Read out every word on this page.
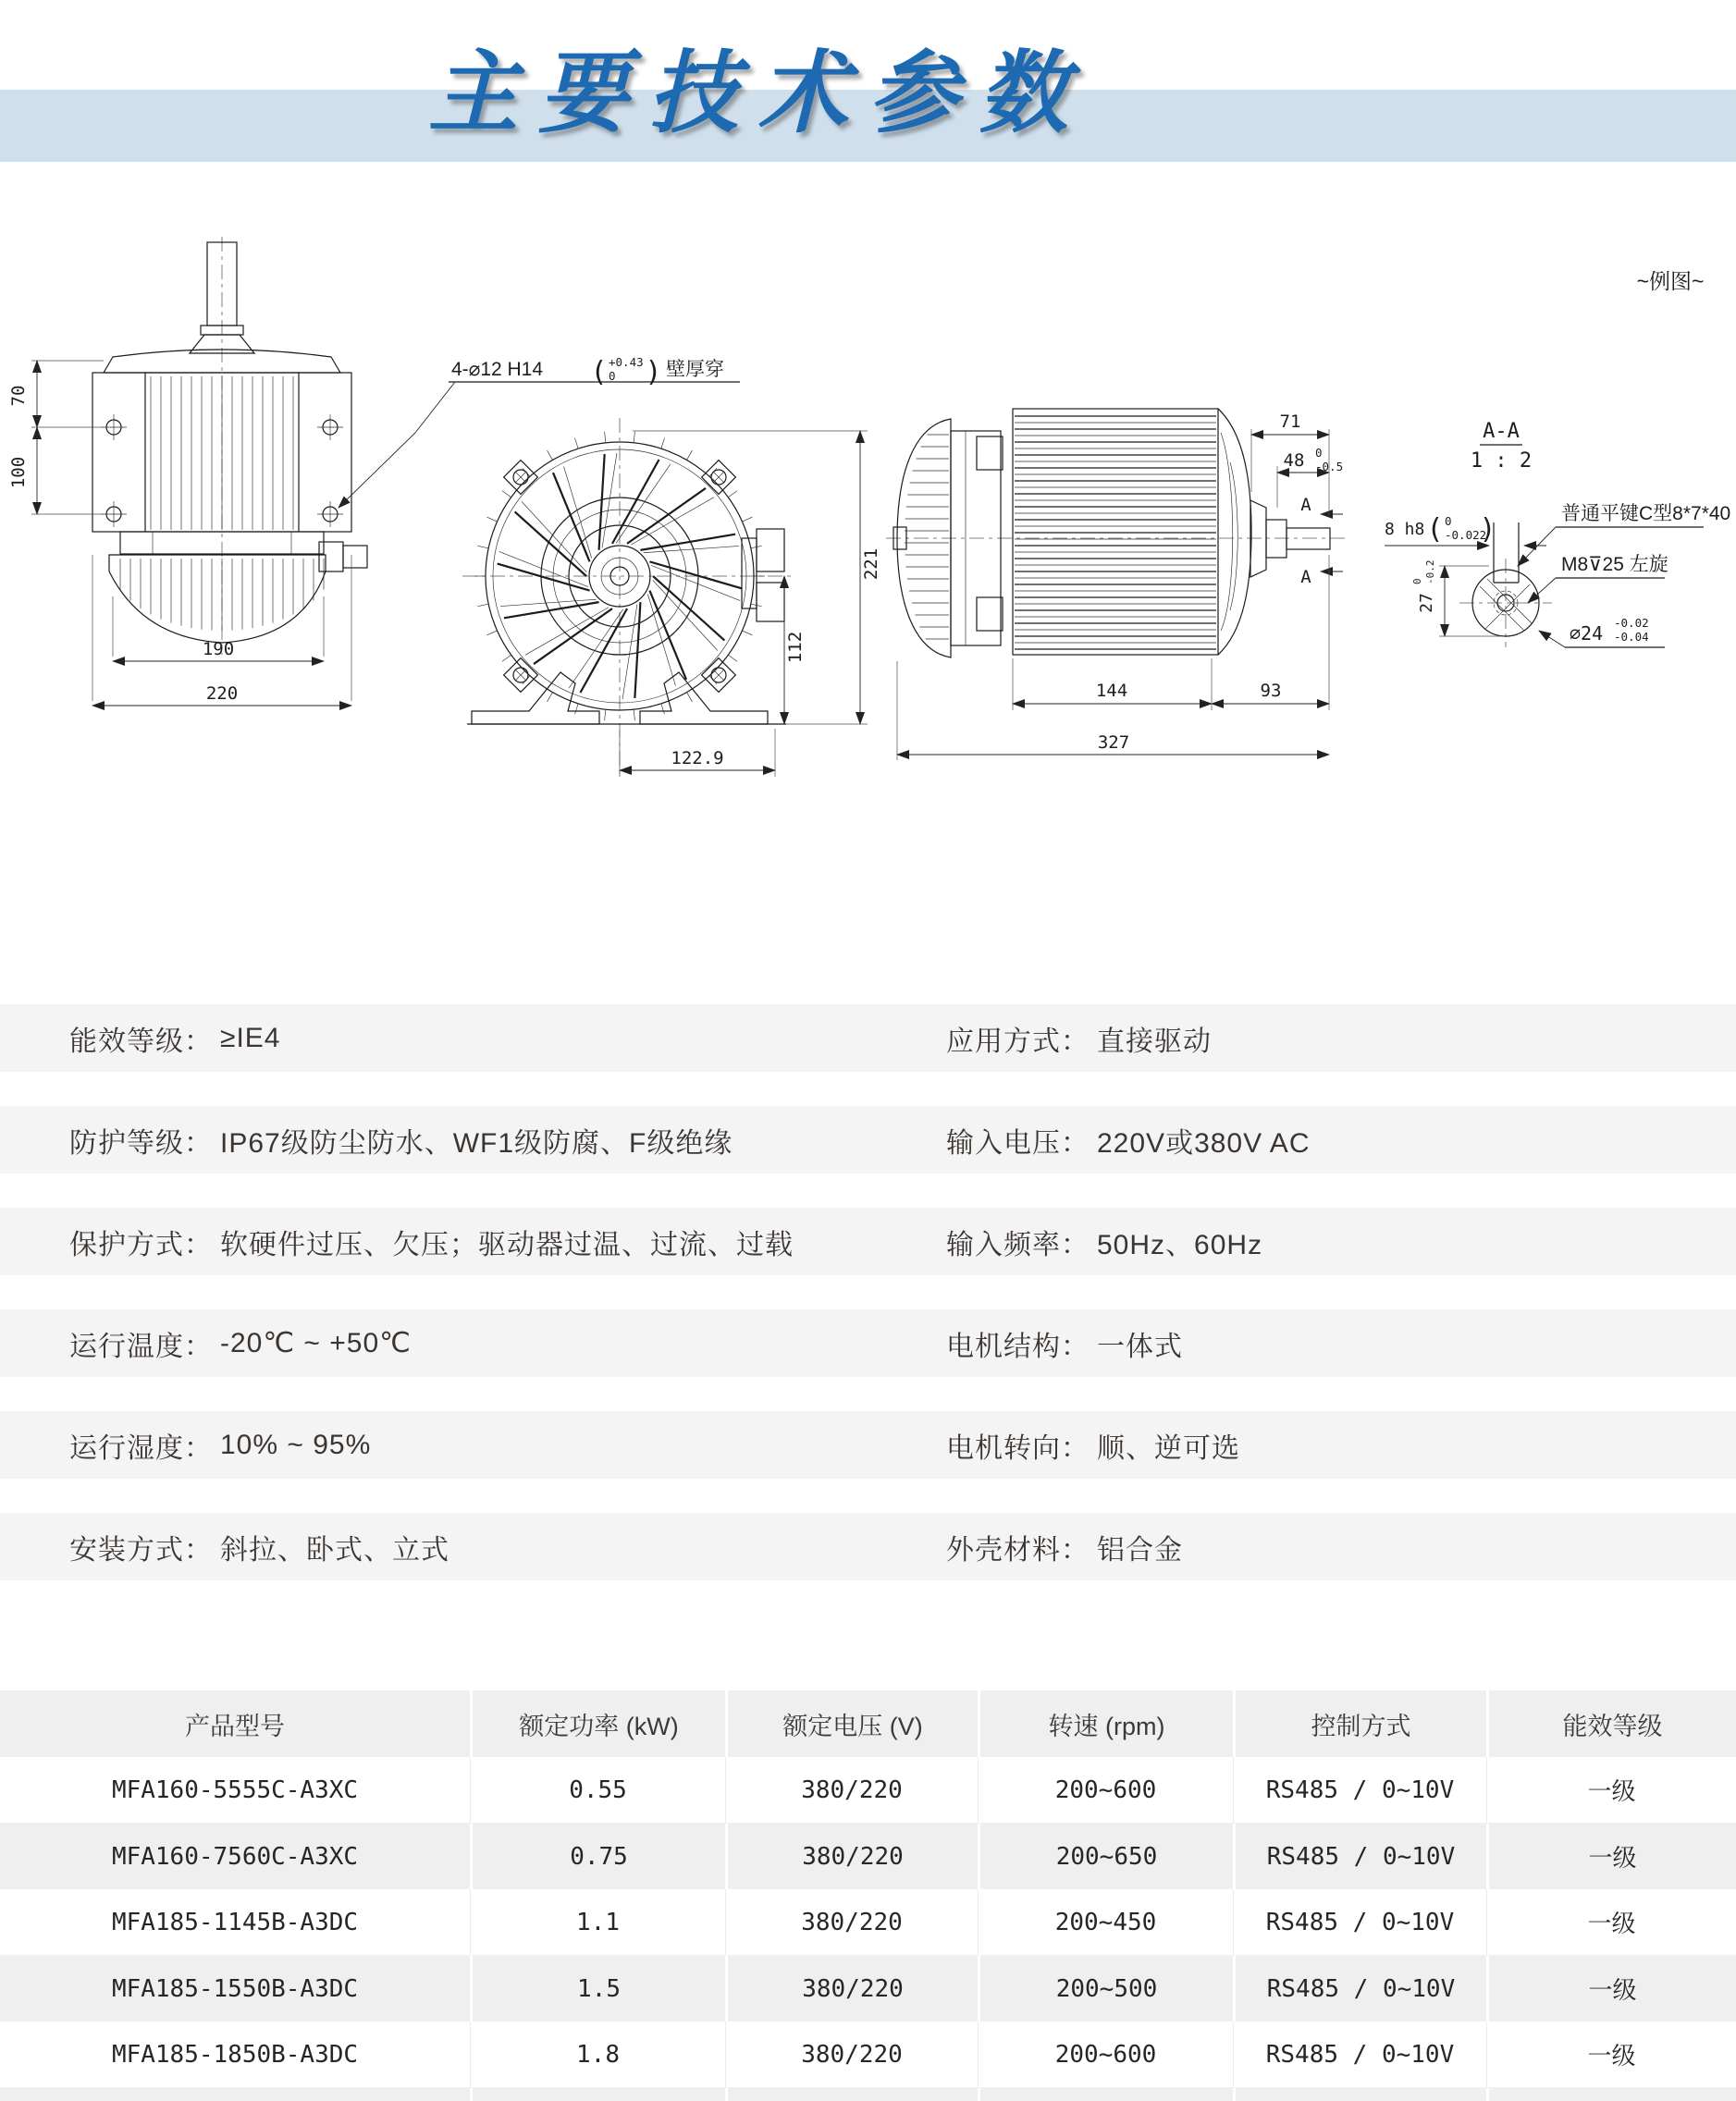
主要技术参数
~例图~
190
220
70
100
4-⌀12 H14 ( +0.43
0 ) 壁厚穿
221
112
122.9
A
A
71
48 0
-0.5
144	93
327
A-A
1 : 2
8 h8 ( 0
-0.022
)	普通平键C型8*7*40
M8⊽25 左旋
27
0 -0.2
⌀24 -0.02
-0.04
能效等级： ≥IE4	应用方式： 直接驱动
防护等级： IP67级防尘防水、WF1级防腐、F级绝缘	输入电压： 220V或380V AC
保护方式： 软硬件过压、欠压；驱动器过温、过流、过载	输入频率： 50Hz、60Hz
运行温度： -20℃ ~ +50℃	电机结构： 一体式
运行湿度： 10% ~ 95%	电机转向： 顺、逆可选
安装方式： 斜拉、卧式、立式	外壳材料： 铝合金
产品型号	额定功率 (kW)	额定电压 (V)	转速 (rpm)	控制方式	能效等级
MFA160-5555C-A3XC	0.55	380/220	200~600	RS485 / 0~10V	一级
MFA160-7560C-A3XC	0.75	380/220	200~650	RS485 / 0~10V	一级
MFA185-1145B-A3DC	1.1	380/220	200~450	RS485 / 0~10V	一级
MFA185-1550B-A3DC	1.5	380/220	200~500	RS485 / 0~10V	一级
MFA185-1850B-A3DC	1.8	380/220	200~600	RS485 / 0~10V	一级
